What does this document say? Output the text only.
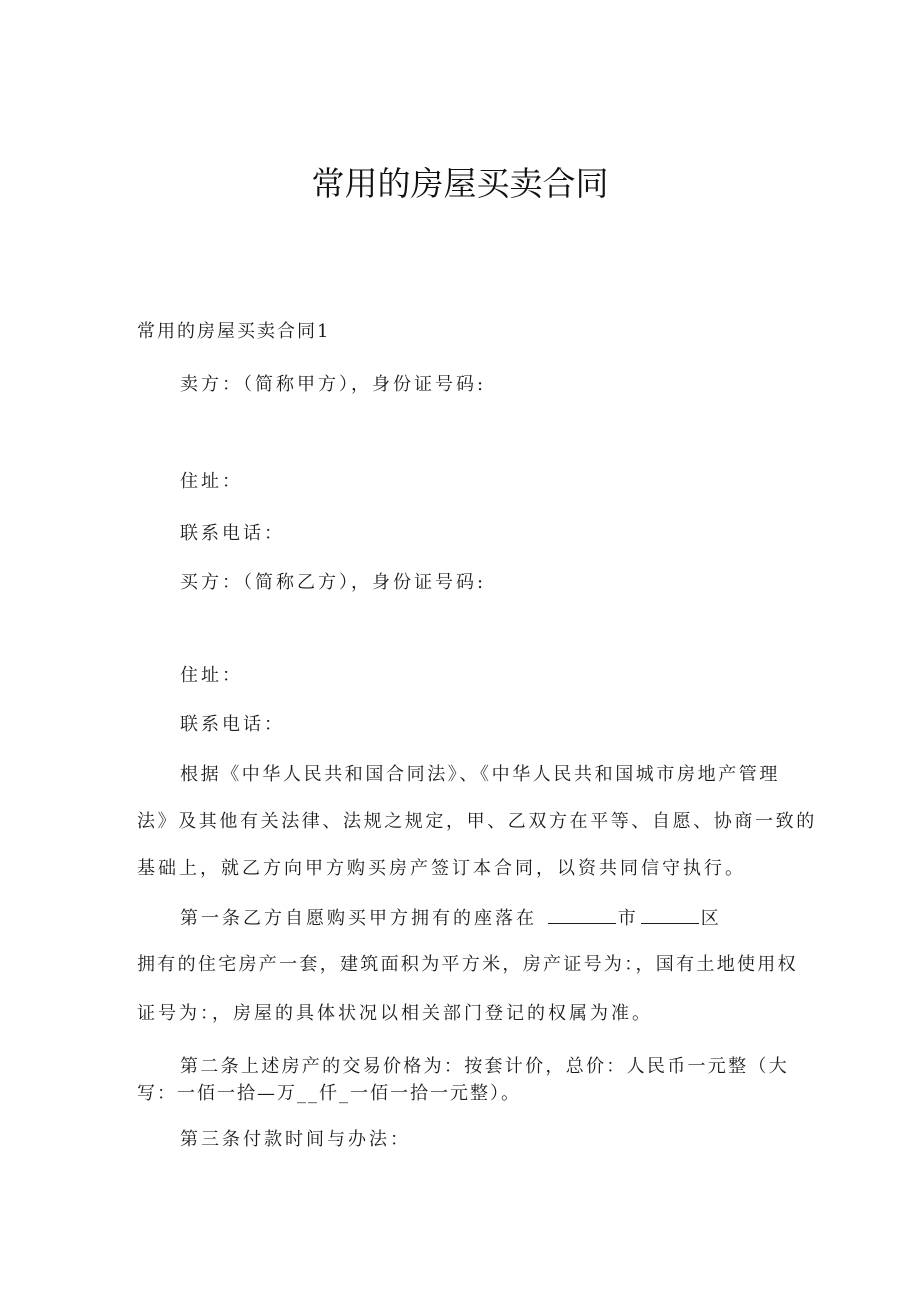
常用的房屋买卖合同
常用的房屋买卖合同1
卖方：（简称甲方），身份证号码:
住址：
联系电话：
买方：（简称乙方），身份证号码:
住址：
联系电话：
根据《中华人民共和国合同法》、《中华人民共和国城市房地产管理
法》及其他有关法律、法规之规定，甲、乙双方在平等、自愿、协商一致的
基础上，就乙方向甲方购买房产签订本合同，以资共同信守执行。
第一条乙方自愿购买甲方拥有的座落在	市	区
拥有的住宅房产一套，建筑面积为平方米，房产证号为：，国有土地使用权
证号为：，房屋的具体状况以相关部门登记的权属为准。
第二条上述房产的交易价格为：按套计价，总价：人民币一元整（大
写：一佰一拾—万__仟_一佰一拾一元整）。
第三条付款时间与办法：
